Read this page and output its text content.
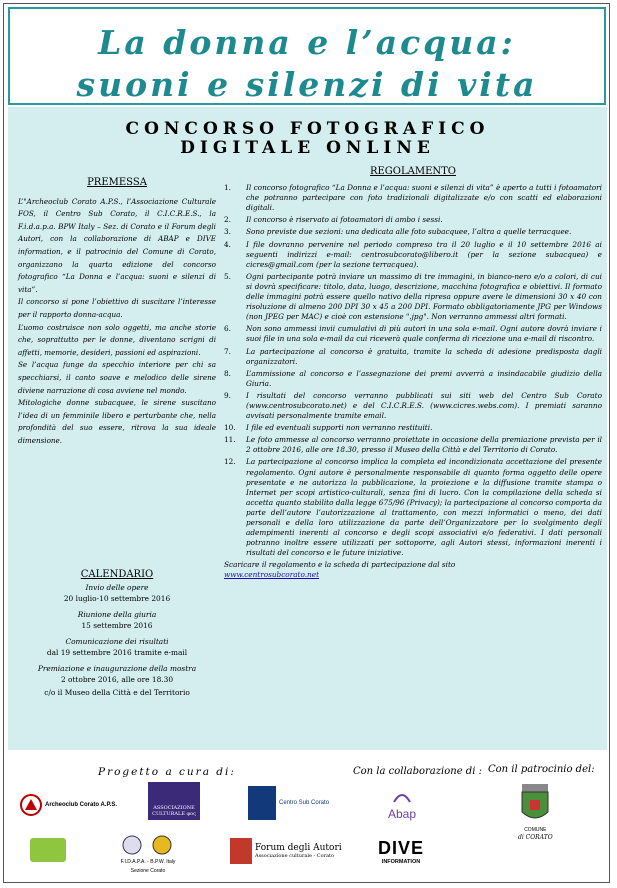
La donna e l’acqua:
suoni e silenzi di vita
CONCORSO FOTOGRAFICO
DIGITALE ONLINE
PREMESSA

L’"Archeoclub Corato A.P.S., l’Associazione Culturale FOS, il Centro Sub Corato, il C.I.C.R.E.S., la F.i.d.a.p.a. BPW Italy – Sez. di Corato e il Forum degli Autori, con la collaborazione di ABAP e DIVE information, e il patrocinio del Comune di Corato, organizzano la quarta edizione del concorso fotografico “La Donna e l’acqua: suoni e silenzi di vita”.

Il concorso si pone l’obiettivo di suscitare l’interesse per il rapporto donna-acqua.

L’uomo costruisce non solo oggetti, ma anche storie che, soprattutto per le donne, diventano scrigni di affetti, memorie, desideri, passioni ed aspirazioni.

Se l’acqua funge da specchio interiore per chi sa specchiarsi, il canto soave e melodico delle sirene diviene narrazione di cosa avviene nel mondo.

Mitologiche donne subacquee, le sirene suscitano l’idea di un femminile libero e perturbante che, nella profondità del suo essere, ritrova la sua ideale dimensione.

CALENDARIO
Invio delle opere
20 luglio-10 settembre 2016
Riunione della giuria
15 settembre 2016
Comunicazione dei risultati
dal 19 settembre 2016 tramite e-mail
Premiazione e inaugurazione della mostra
2 ottobre 2016, alle ore 18.30
c/o il Museo della Città e del Territorio
REGOLAMENTO
1. Il concorso fotografico “La Donna e l’acqua: suoni e silenzi di vita” è aperto a tutti i fotoamatori che potranno partecipare con foto tradizionali digitalizzate e/o con scatti ed elaborazioni digitali.
2. Il concorso è riservato ai fotoamatori di ambo i sessi.
3. Sono previste due sezioni: una dedicata alle foto subacquee, l’altra a quelle terracquee.
4. I file dovranno pervenire nel periodo compreso tra il 20 luglio e il 10 settembre 2016 ai seguenti indirizzi e-mail: centrosubcorato@libero.it (per la sezione subacquea) e cicres@gmail.com (per la sezione terracquea).
5. Ogni partecipante potrà inviare un massimo di tre immagini, in bianco-nero e/o a colori, di cui si dovrà specificare: titolo, data, luogo, descrizione, macchina fotografica e obiettivi. Il formato delle immagini potrà essere quello nativo della ripresa oppure avere le dimensioni 30 x 40 con risoluzione di almeno 200 DPI 30 x 45 a 200 DPI. Formato obbligatoriamente JPG per Windows (non JPEG per MAC) e cioè con estensione ".jpg". Non verranno ammessi altri formati.
6. Non sono ammessi invii cumulativi di più autori in una sola e-mail. Ogni autore dovrà inviare i suoi file in una sola e-mail da cui riceverà quale conferma di ricezione una e-mail di riscontro.
7. La partecipazione al concorso è gratuita, tramite la scheda di adesione predisposta dagli organizzatori.
8. L’ammissione al concorso e l’assegnazione dei premi avverrà a insindacabile giudizio della Giuria.
9. I risultati del concorso verranno pubblicati sui siti web del Centro Sub Corato (www.centrosubcorato.net) e del C.I.C.R.E.S. (www.cicres.webs.com). I premiati saranno avvisati personalmente tramite email.
10. I file ed eventuali supporti non verranno restituiti.
11. Le foto ammesse al concorso verranno proiettate in occasione della premiazione prevista per il 2 ottobre 2016, alle ore 18.30, presso il Museo della Città e del Territorio di Corato.
12. La partecipazione al concorso implica la completa ed incondizionata accettazione del presente regolamento. Ogni autore è personalmente responsabile di quanto forma oggetto delle opere presentate e ne autorizza la pubblicazione, la proiezione e la diffusione tramite stampa o Internet per scopi artistico-culturali, senza fini di lucro. Con la compilazione della scheda si accetta quanto stabilito dalla legge 675/96 (Privacy); la partecipazione al concorso comporta da parte dell’autore l’autorizzazione al trattamento, con mezzi informatici o meno, dei dati personali e della loro utilizzazione da parte dell’Organizzatore per lo svolgimento degli adempimenti inerenti al concorso e degli scopi associativi e/o federativi. I dati personali potranno inoltre essere utilizzati per sottoporre, agli Autori stessi, informazioni inerenti i risultati del concorso e le future iniziative.
Scaricare il regolamento e la scheda di partecipazione dal sito
www.centrosubcorato.net
Progetto a cura di:	Con la collaborazione di : Con il patrocinio del:
Archeoclub Corato A.P.S.	ASSOCIAZIONE CULTURALE φος
Centro Sub Corato
Abap
COMUNE
di CORATO
F.I.D.A.P.A. - B.P.W. Italy
Sezione Corato
Forum degli Autori
Associazione culturale - Corato	DIVE
INFORMATION
